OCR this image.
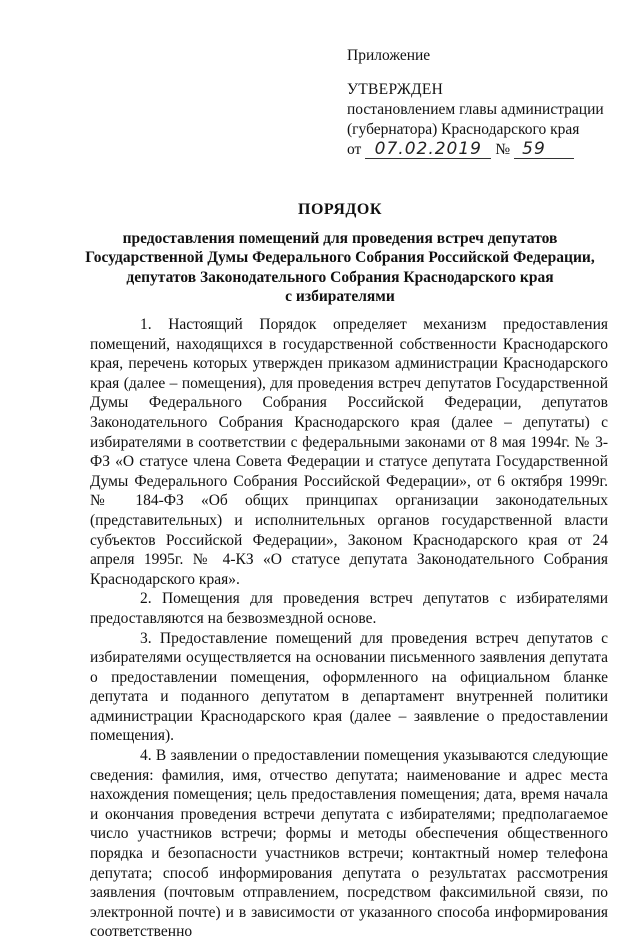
Приложение
УТВЕРЖДЕН
постановлением главы администрации
(губернатора) Краснодарского края
от 07.02.2019 № 59
ПОРЯДОК
предоставления помещений для проведения встреч депутатов
Государственной Думы Федерального Собрания Российской Федерации,
депутатов Законодательного Собрания Краснодарского края
с избирателями

1. Настоящий Порядок определяет механизм предоставления помещений, находящихся в государственной собственности Краснодарского края, перечень которых утвержден приказом администрации Краснодарского края (далее – помещения), для проведения встреч депутатов Государственной Думы Федерального Собрания Российской Федерации, депутатов Законодательного Собрания Краснодарского края (далее – депутаты) с избирателями в соответствии с федеральными законами от 8 мая 1994г. № 3-ФЗ «О статусе члена Совета Федерации и статусе депутата Государственной Думы Федерального Собрания Российской Федерации», от 6 октября 1999г. № 184-ФЗ «Об общих принципах организации законодательных (представительных) и исполнительных органов государственной власти субъектов Российской Федерации», Законом Краснодарского края от 24 апреля 1995г. № 4-КЗ «О статусе депутата Законодательного Собрания Краснодарского края».

2. Помещения для проведения встреч депутатов с избирателями предоставляются на безвозмездной основе.

3. Предоставление помещений для проведения встреч депутатов с избирателями осуществляется на основании письменного заявления депутата о предоставлении помещения, оформленного на официальном бланке депутата и поданного депутатом в департамент внутренней политики администрации Краснодарского края (далее – заявление о предоставлении помещения).

4. В заявлении о предоставлении помещения указываются следующие сведения: фамилия, имя, отчество депутата; наименование и адрес места нахождения помещения; цель предоставления помещения; дата, время начала и окончания проведения встречи депутата с избирателями; предполагаемое число участников встречи; формы и методы обеспечения общественного порядка и безопасности участников встречи; контактный номер телефона депутата; способ информирования депутата о результатах рассмотрения заявления (почтовым отправлением, посредством факсимильной связи, по электронной почте) и в зависимости от указанного способа информирования соответственно
